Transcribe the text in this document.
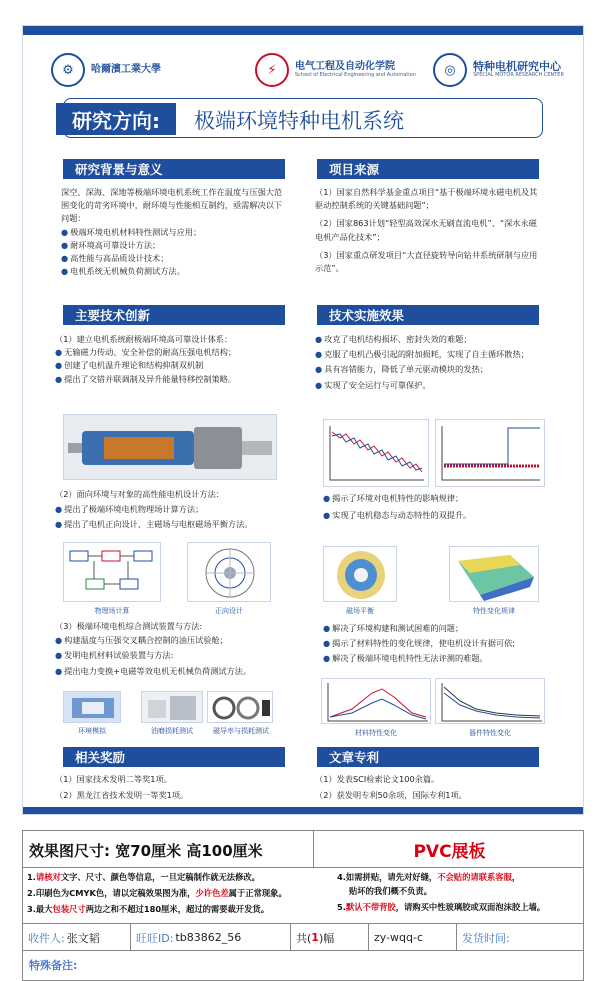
⚙	哈爾濱工業大學	⚡	电气工程及自动化学院
School of Electrical Engineering and Automation	◎	特种电机研究中心
SPECIAL MOTOR RESEARCH CENTER
研究方向:	极端环境特种电机系统
研究背景与意义
深空、深海、深地等极端环境电机系统工作在温度与压强大范围变化的苛劣环境中，耐环境与性能相互制约，亟需解决以下问题：
● 极端环境电机材料特性测试与应用；
● 耐环境高可靠设计方法；
● 高性能与高品质设计技术；
● 电机系统无机械负荷测试方法。
项目来源
（1）国家自然科学基金重点项目“基于极端环境永磁电机及其驱动控制系统的关键基础问题”；
（2）国家863计划“轻型高效深水无刷直流电机”、“深水永磁电机产品化技术”；
（3）国家重点研发项目“大直径旋转导向钻井系统研制与应用示范”。
主要技术创新
（1）建立电机系统耐极端环境高可靠设计体系：
● 无输磁力传动、安全补偿的耐高压强电机结构；
● 创建了电机温升理论和结构抑制双机制
● 提出了交错并联调制及异升能量特移控制策略。
（2）面向环境与对象的高性能电机设计方法：
● 提出了极端环境电机物理场计算方法；
● 提出了电机正向设计、主磁场与电枢磁场平衡方法。
物理场计算	正向设计
（3）极端环境电机综合测试装置与方法:
● 构建温度与压强交叉耦合控制的油压试验舱；
● 发明电机材料试验装置与方法:
● 提出电力变换+电磁等效电机无机械负荷测试方法。
环境模拟	油磨损耗测试	磁导率与损耗测试
技术实施效果
● 攻克了电机结构损坏、密封失效的难题；
● 克服了电机凸极引起的附加损耗，实现了自主循环散热；
● 具有容错能力，降低了单元驱动模块的发热；
● 实现了安全运行与可靠保护。
● 揭示了环境对电机特性的影响规律；
● 实现了电机稳态与动态特性的双提升。
磁场平衡	特性变化规律
● 解决了环境构建和测试困难的问题；
● 揭示了材料特性的变化规律，使电机设计有据可依;
● 解决了极端环境电机特性无法评测的难题。
材料特性变化	器件特性变化
相关奖励
（1）国家技术发明二等奖1项。
（2）黑龙江省技术发明一等奖1项。
文章专利
（1）发表SCI检索论文100余篇。
（2）获发明专利50余项，国际专利1项。
效果图尺寸: 宽70厘米 高100厘米	PVC展板
1.请核对文字、尺寸、颜色等信息，一旦定稿制作就无法修改。
2.印刷色为CMYK色，请以定稿效果图为准，少许色差属于正常现象。
3.最大包装尺寸两边之和不超过180厘米，超过的需要裁开发货。
4.如需拼贴，请先对好缝，不会贴的请联系客服，
贴坏的我们概不负责。
5.默认不带背胶，请购买中性玻璃胶或双面泡沫胶上墙。
收件人: 张文韬	旺旺ID: tb83862_56	共( 1 )幅	zy-wqq-c	发货时间:
特殊备注:
